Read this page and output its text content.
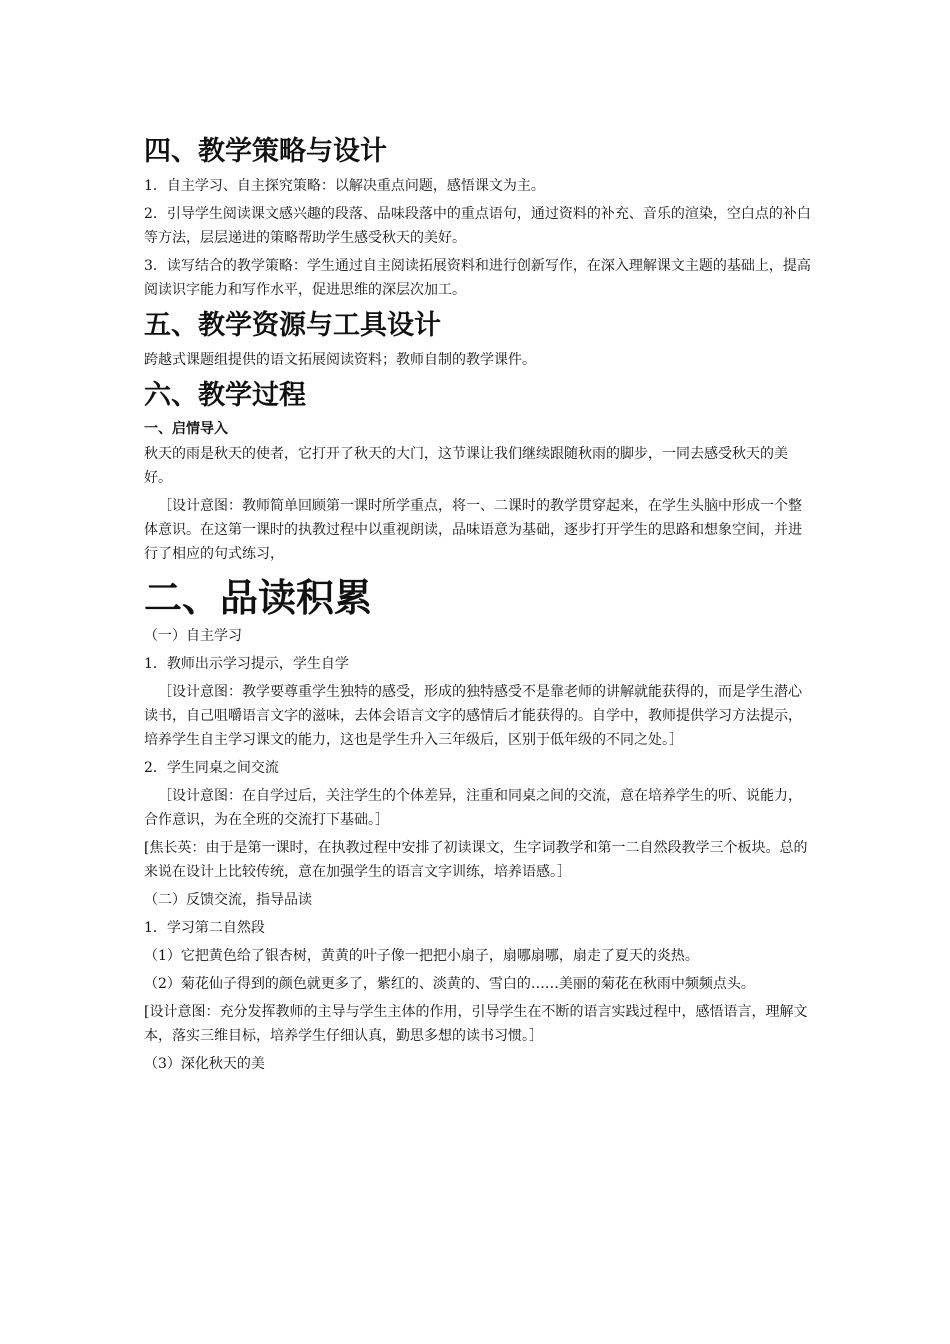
四、教学策略与设计

1．自主学习、自主探究策略：以解决重点问题，感悟课文为主。

2．引导学生阅读课文感兴趣的段落、品味段落中的重点语句，通过资料的补充、音乐的渲染，空白点的补白等方法，层层递进的策略帮助学生感受秋天的美好。

3．读写结合的教学策略：学生通过自主阅读拓展资料和进行创新写作，在深入理解课文主题的基础上，提高阅读识字能力和写作水平，促进思维的深层次加工。

五、教学资源与工具设计

跨越式课题组提供的语文拓展阅读资料；教师自制的教学课件。

六、教学过程
一、启情导入

秋天的雨是秋天的使者，它打开了秋天的大门，这节课让我们继续跟随秋雨的脚步，一同去感受秋天的美好。

［设计意图：教师简单回顾第一课时所学重点，将一、二课时的教学贯穿起来，在学生头脑中形成一个整体意识。在这第一课时的执教过程中以重视朗读，品味语意为基础，逐步打开学生的思路和想象空间，并进行了相应的句式练习，

二、品读积累

（一）自主学习

1．教师出示学习提示，学生自学

［设计意图：教学要尊重学生独特的感受，形成的独特感受不是靠老师的讲解就能获得的，而是学生潜心读书，自己咀嚼语言文字的滋味，去体会语言文字的感情后才能获得的。自学中，教师提供学习方法提示，培养学生自主学习课文的能力，这也是学生升入三年级后，区别于低年级的不同之处。］

2．学生同桌之间交流

［设计意图：在自学过后，关注学生的个体差异，注重和同桌之间的交流，意在培养学生的听、说能力，合作意识，为在全班的交流打下基础。］

[焦长英：由于是第一课时，在执教过程中安排了初读课文，生字词教学和第一二自然段教学三个板块。总的来说在设计上比较传统，意在加强学生的语言文字训练，培养语感。］

（二）反馈交流，指导品读

1．学习第二自然段

（1）它把黄色给了银杏树，黄黄的叶子像一把把小扇子，扇哪扇哪，扇走了夏天的炎热。

（2）菊花仙子得到的颜色就更多了，紫红的、淡黄的、雪白的……美丽的菊花在秋雨中频频点头。

[设计意图：充分发挥教师的主导与学生主体的作用，引导学生在不断的语言实践过程中，感悟语言，理解文本，落实三维目标，培养学生仔细认真，勤思多想的读书习惯。］

（3）深化秋天的美
